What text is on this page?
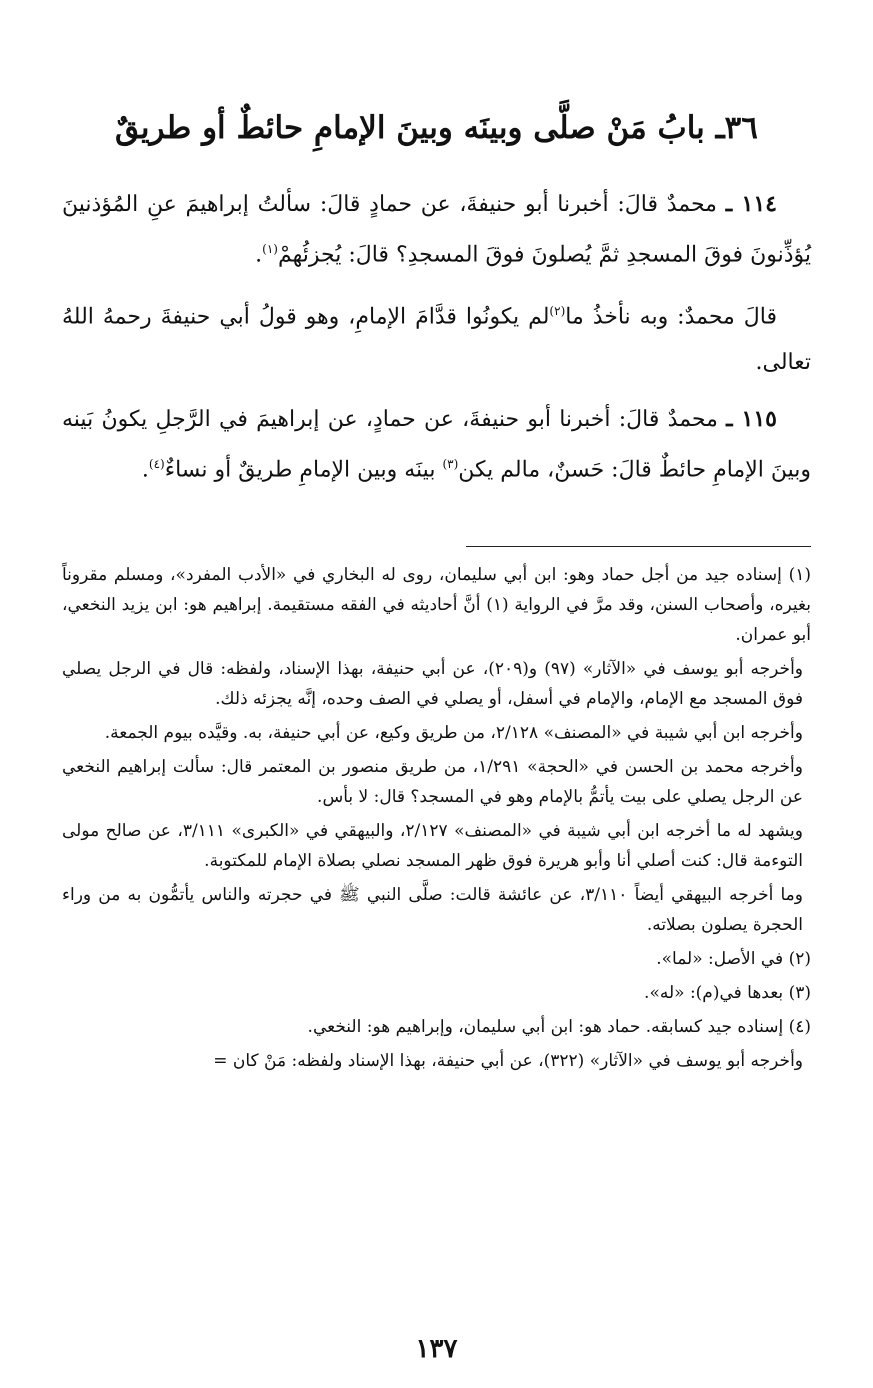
٣٦ـ بابُ مَنْ صلَّى وبينَه وبينَ الإمامِ حائطٌ أو طريقٌ

١١٤ ـ محمدٌ قالَ: أخبرنا أبو حنيفةَ، عن حمادٍ قالَ: سألتُ إبراهيمَ عنِ المُؤذنينَ يُؤذِّنونَ فوقَ المسجدِ ثمَّ يُصلونَ فوقَ المسجدِ؟ قالَ: يُجزئُهمْ$^{(١)}$.

قالَ محمدٌ: وبه نأخذُ ما$^{(٢)}$لم يكونُوا قدَّامَ الإمامِ، وهو قولُ أبي حنيفةَ رحمهُ اللهُ تعالى.

١١٥ ـ محمدٌ قالَ: أخبرنا أبو حنيفةَ، عن حمادٍ، عن إبراهيمَ في الرَّجلِ يكونُ بَينه وبينَ الإمامِ حائطٌ قالَ: حَسنٌ، مالم يكن$^{(٣)}$ بينَه وبين الإمامِ طريقٌ أو نساءٌ$^{(٤)}$.

(١) إسناده جيد من أجل حماد وهو: ابن أبي سليمان، روى له البخاري في «الأدب المفرد»، ومسلم مقروناً بغيره، وأصحاب السنن، وقد مرَّ في الرواية (١) أنَّ أحاديثه في الفقه مستقيمة. إبراهيم هو: ابن يزيد النخعي، أبو عمران.

وأخرجه أبو يوسف في «الآثار» (٩٧) و(٢٠٩)، عن أبي حنيفة، بهذا الإسناد، ولفظه: قال في الرجل يصلي فوق المسجد مع الإمام، والإمام في أسفل، أو يصلي في الصف وحده، إنَّه يجزئه ذلك.

وأخرجه ابن أبي شيبة في «المصنف» ٢/١٢٨، من طريق وكيع، عن أبي حنيفة، به. وقيَّده بيوم الجمعة.

وأخرجه محمد بن الحسن في «الحجة» ١/٢٩١، من طريق منصور بن المعتمر قال: سألت إبراهيم النخعي عن الرجل يصلي على بيت يأتمُّ بالإمام وهو في المسجد؟ قال: لا بأس.

ويشهد له ما أخرجه ابن أبي شيبة في «المصنف» ٢/١٢٧، والبيهقي في «الكبرى» ٣/١١١، عن صالح مولى التوءمة قال: كنت أصلي أنا وأبو هريرة فوق ظهر المسجد نصلي بصلاة الإمام للمكتوبة.

وما أخرجه البيهقي أيضاً ٣/١١٠، عن عائشة قالت: صلَّى النبي ﷺ في حجرته والناس يأتمُّون به من وراء الحجرة يصلون بصلاته.

(٢) في الأصل: «لما».

(٣) بعدها في(م): «له».

(٤) إسناده جيد كسابقه. حماد هو: ابن أبي سليمان، وإبراهيم هو: النخعي.

وأخرجه أبو يوسف في «الآثار» (٣٢٢)، عن أبي حنيفة، بهذا الإسناد ولفظه: مَنْ كان =

١٣٧
